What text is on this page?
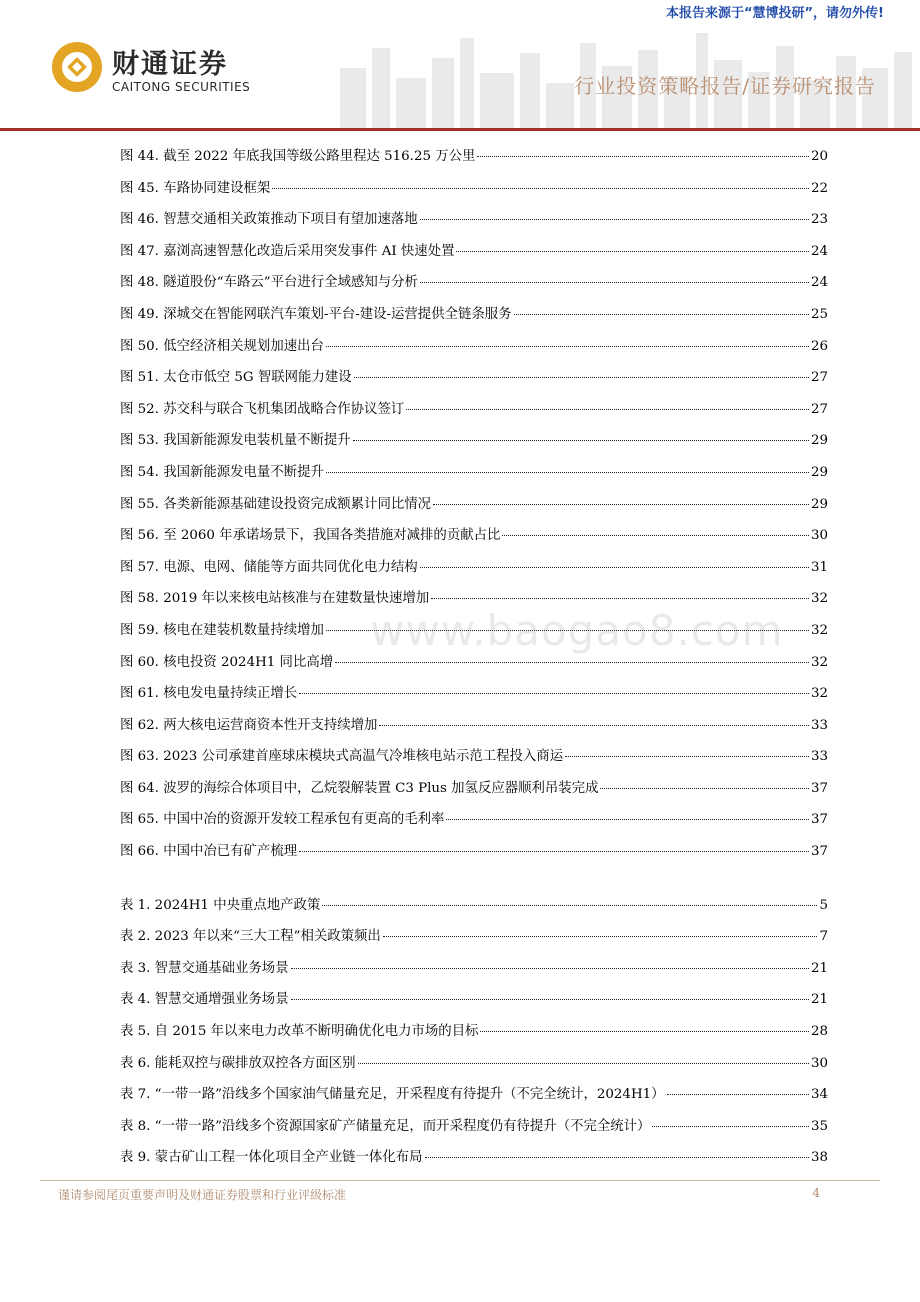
本报告来源于“慧博投研”，请勿外传!
财通证券
CAITONG SECURITIES	行业投资策略报告/证券研究报告
图 44. 截至 2022 年底我国等级公路里程达 516.25 万公里	20
图 45. 车路协同建设框架	22
图 46. 智慧交通相关政策推动下项目有望加速落地	23
图 47. 嘉浏高速智慧化改造后采用突发事件 AI 快速处置	24
图 48. 隧道股份“车路云”平台进行全域感知与分析	24
图 49. 深城交在智能网联汽车策划-平台-建设-运营提供全链条服务	25
图 50. 低空经济相关规划加速出台	26
图 51. 太仓市低空 5G 智联网能力建设	27
图 52. 苏交科与联合飞机集团战略合作协议签订	27
图 53. 我国新能源发电装机量不断提升	29
图 54. 我国新能源发电量不断提升	29
图 55. 各类新能源基础建设投资完成额累计同比情况	29
图 56. 至 2060 年承诺场景下，我国各类措施对减排的贡献占比	30
图 57. 电源、电网、储能等方面共同优化电力结构	31
图 58. 2019 年以来核电站核准与在建数量快速增加	32
图 59. 核电在建装机数量持续增加	32
图 60. 核电投资 2024H1 同比高增	32
图 61. 核电发电量持续正增长	32
图 62. 两大核电运营商资本性开支持续增加	33
图 63. 2023 公司承建首座球床模块式高温气冷堆核电站示范工程投入商运	33
图 64. 波罗的海综合体项目中，乙烷裂解装置 C3 Plus 加氢反应器顺利吊装完成	37
图 65. 中国中冶的资源开发较工程承包有更高的毛利率	37
图 66. 中国中冶已有矿产梳理	37
表 1. 2024H1 中央重点地产政策	5
表 2. 2023 年以来“三大工程”相关政策频出	7
表 3. 智慧交通基础业务场景	21
表 4. 智慧交通增强业务场景	21
表 5. 自 2015 年以来电力改革不断明确优化电力市场的目标	28
表 6. 能耗双控与碳排放双控各方面区别	30
表 7. “一带一路”沿线多个国家油气储量充足，开采程度有待提升（不完全统计，2024H1）	34
表 8. “一带一路”沿线多个资源国家矿产储量充足，而开采程度仍有待提升（不完全统计）	35
表 9. 蒙古矿山工程一体化项目全产业链一体化布局	38
www.baogao8.com
谨请参阅尾页重要声明及财通证券股票和行业评级标准	4
